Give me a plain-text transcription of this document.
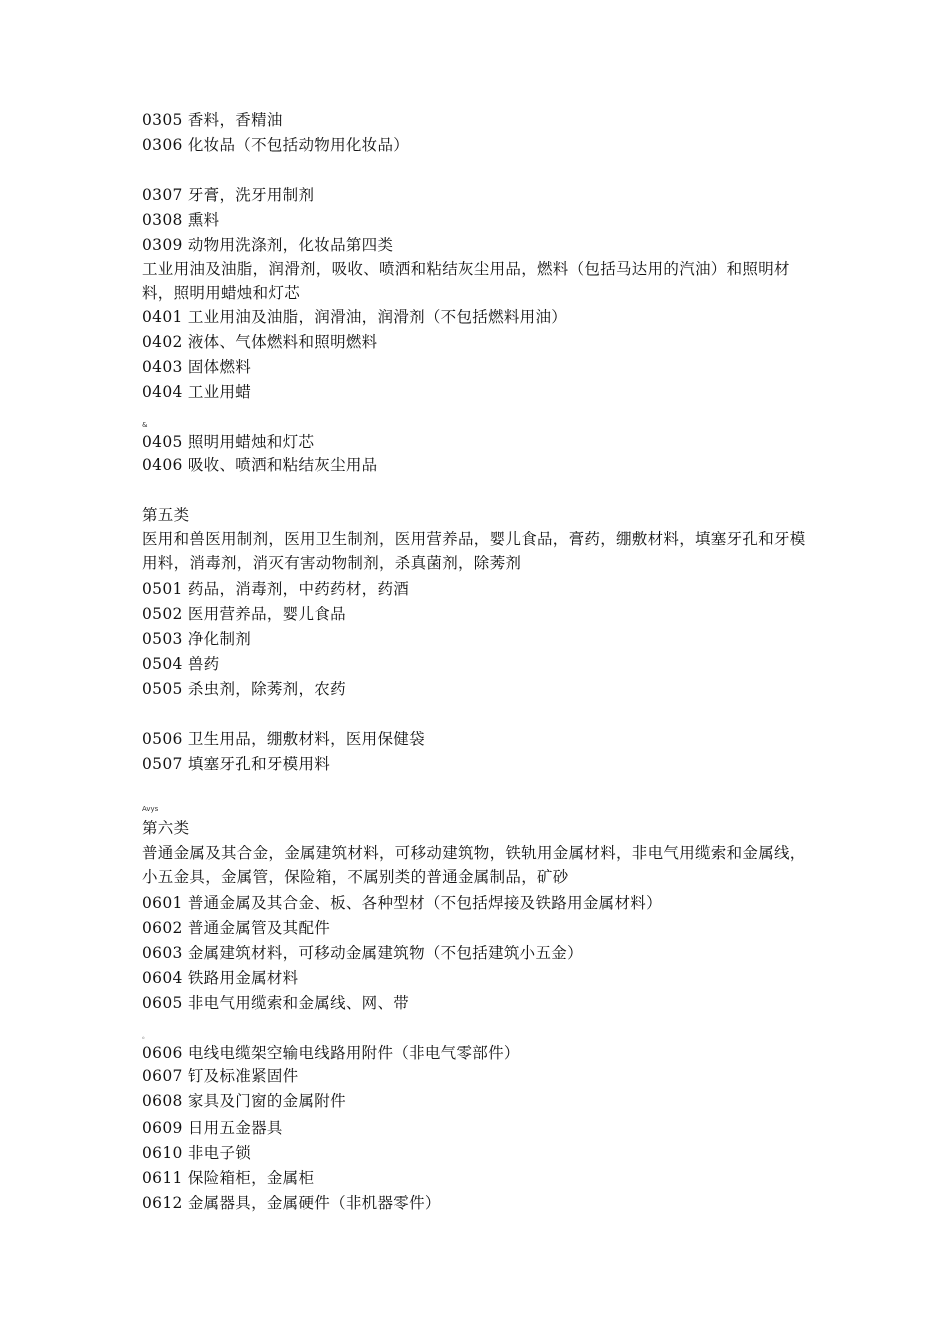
0305 香料，香精油
0306 化妆品（不包括动物用化妆品）
0307 牙膏，洗牙用制剂
0308 熏料
0309 动物用洗涤剂，化妆品第四类
工业用油及油脂，润滑剂，吸收、喷洒和粘结灰尘用品，燃料（包括马达用的汽油）和照明材料，照明用蜡烛和灯芯
0401 工业用油及油脂，润滑油，润滑剂（不包括燃料用油）
0402 液体、气体燃料和照明燃料
0403 固体燃料
0404 工业用蜡
&
0405 照明用蜡烛和灯芯
0406 吸收、喷洒和粘结灰尘用品
第五类
医用和兽医用制剂，医用卫生制剂，医用营养品，婴儿食品，膏药，绷敷材料，填塞牙孔和牙模用料，消毒剂，消灭有害动物制剂，杀真菌剂，除莠剂
0501 药品，消毒剂，中药药材，药酒
0502 医用营养品，婴儿食品
0503 净化制剂
0504 兽药
0505 杀虫剂，除莠剂，农药
0506 卫生用品，绷敷材料，医用保健袋
0507 填塞牙孔和牙模用料
Avys
第六类
普通金属及其合金，金属建筑材料，可移动建筑物，铁轨用金属材料，非电气用缆索和金属线，小五金具，金属管，保险箱，不属别类的普通金属制品，矿砂
0601 普通金属及其合金、板、各种型材（不包括焊接及铁路用金属材料）
0602 普通金属管及其配件
0603 金属建筑材料，可移动金属建筑物（不包括建筑小五金）
0604 铁路用金属材料
0605 非电气用缆索和金属线、网、带
。
0606 电线电缆架空输电线路用附件（非电气零部件）
0607 钉及标准紧固件
0608 家具及门窗的金属附件
0609 日用五金器具
0610 非电子锁
0611 保险箱柜，金属柜
0612 金属器具，金属硬件（非机器零件）
